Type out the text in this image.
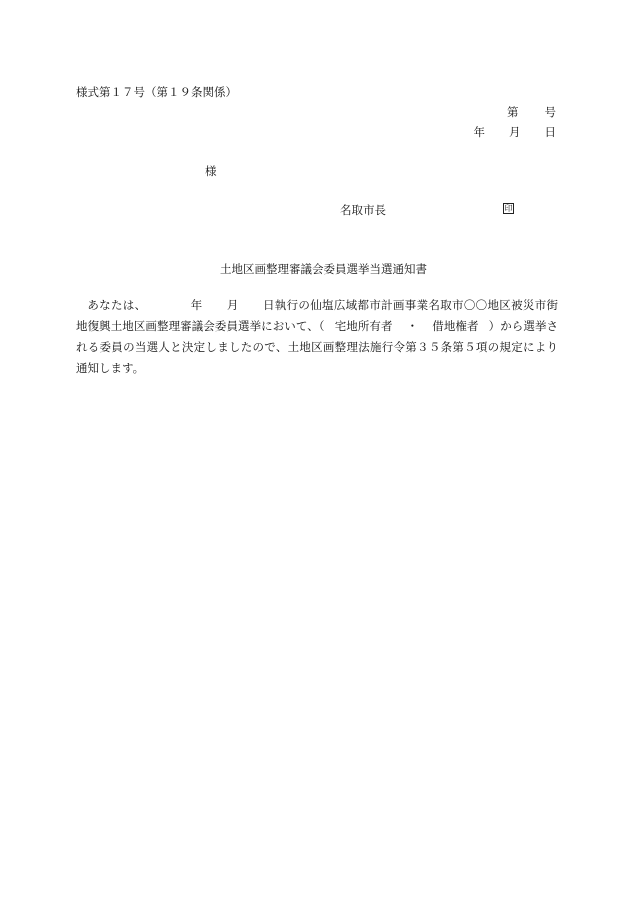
様式第１７号（第１９条関係）
第 号
年 月 日
様
名取市長	印
土地区画整理審議会委員選挙当選通知書
あなたは、	年 月 日執行の仙塩広域都市計画事業名取市〇〇地区被災市街地復興土地区画整理審議会委員選挙において、（ 宅地所有者 ・ 借地権者 ）から選挙される委員の当選人と決定しましたので、土地区画整理法施行令第３５条第５項の規定により通知します。
